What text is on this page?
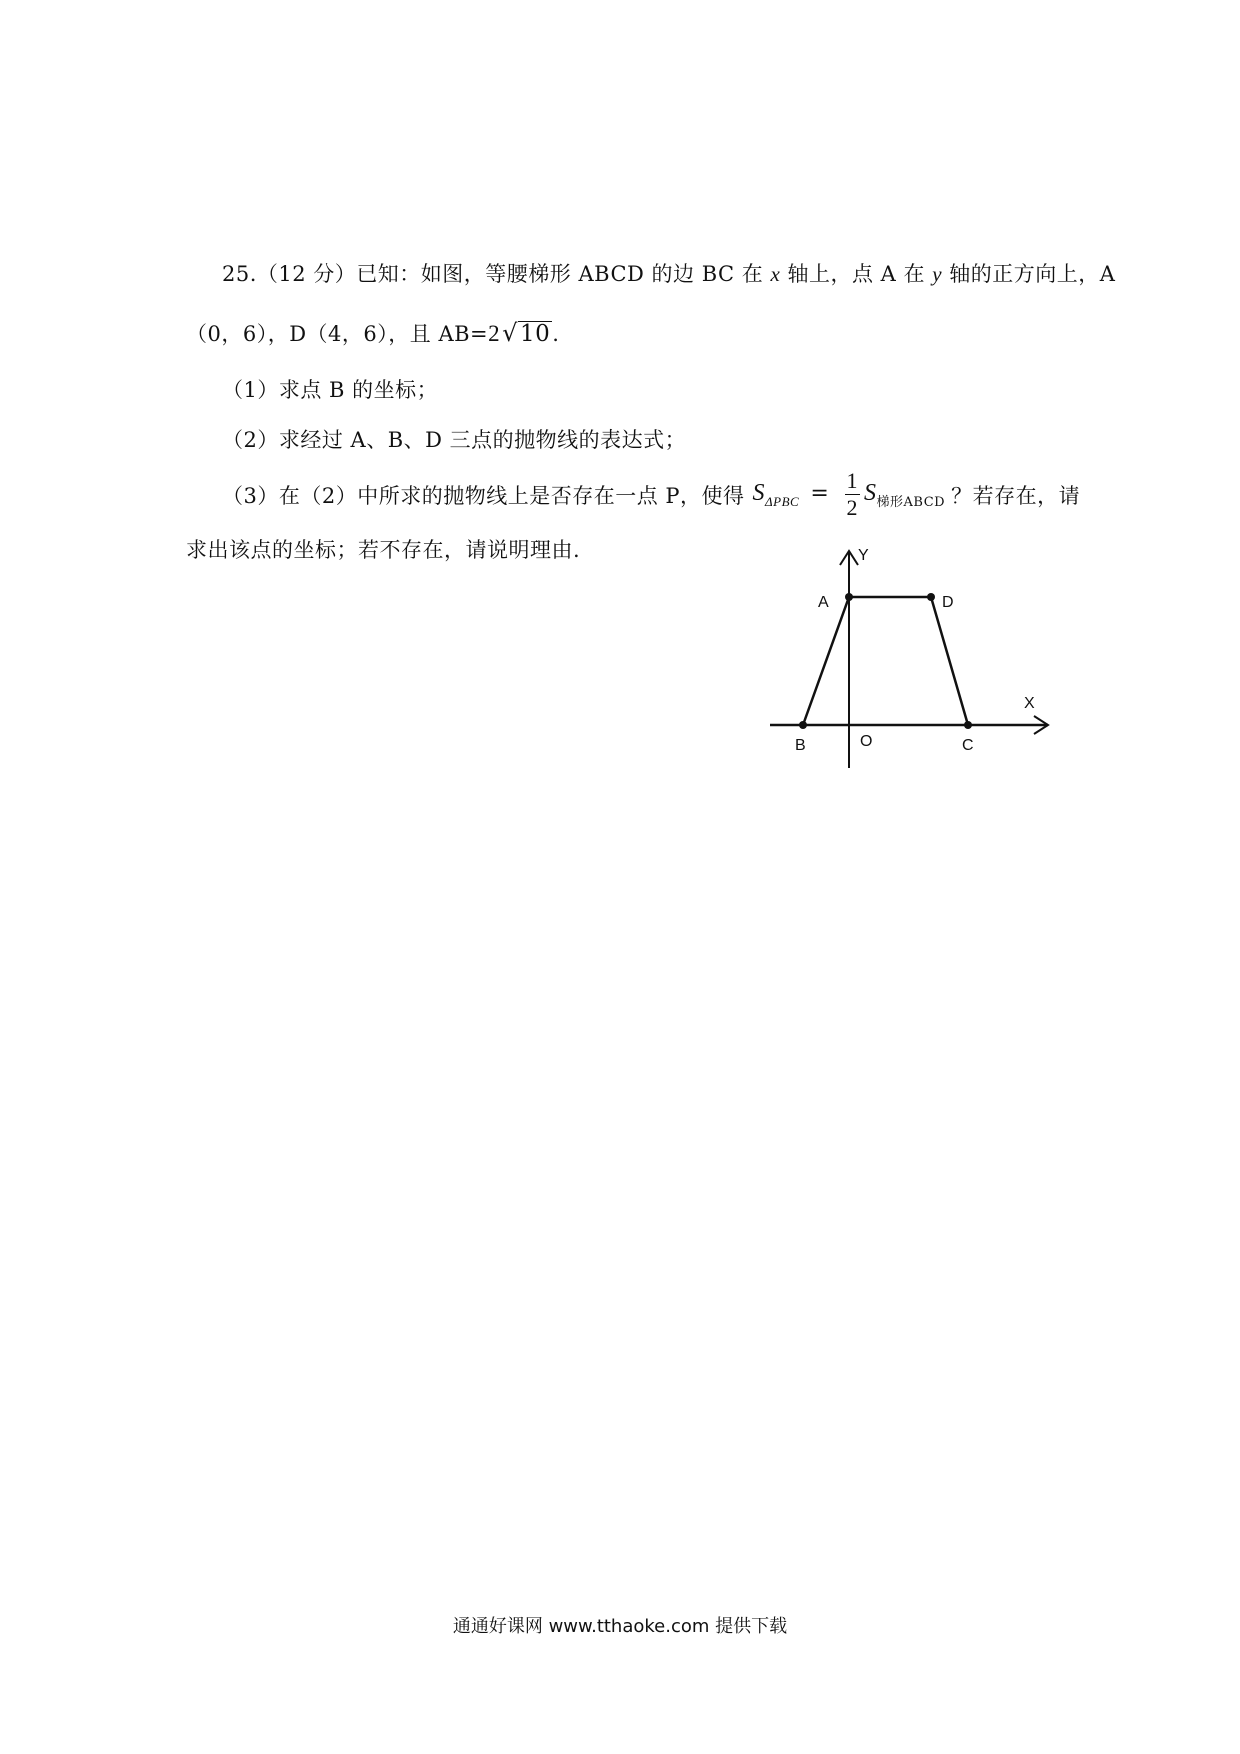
25.（12 分）已知：如图，等腰梯形 ABCD 的边 BC 在 x 轴上，点 A 在 y 轴的正方向上，A
（0，6），D（4，6），且 AB=2√10.
（1）求点 B 的坐标；
（2）求经过 A、B、D 三点的抛物线的表达式；
（3）在（2）中所求的抛物线上是否存在一点 P，使得 $S_{\Delta PBC} = \frac{1}{2} S_{梯形ABCD}$ ？若存在，请
求出该点的坐标；若不存在，请说明理由.	Y
X
A	D
B	O	C
通通好课网 www.tthaoke.com 提供下载
